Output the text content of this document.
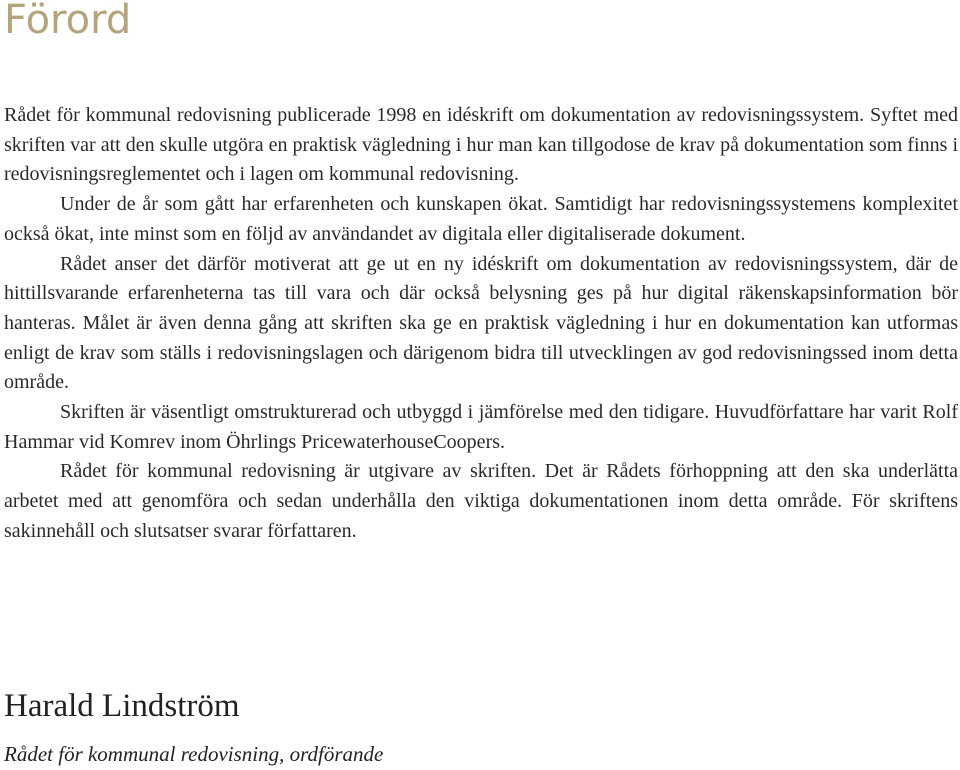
Förord

Rådet för kommunal redovisning publicerade 1998 en idéskrift om dokumentation av redovisningssystem. Syftet med skriften var att den skulle utgöra en praktisk vägledning i hur man kan tillgodose de krav på dokumentation som finns i redovisningsreglementet och i lagen om kommunal redovisning.

Under de år som gått har erfarenheten och kunskapen ökat. Samtidigt har redovisningssystemens komplexitet också ökat, inte minst som en följd av användandet av digitala eller digitaliserade dokument.

Rådet anser det därför motiverat att ge ut en ny idéskrift om dokumentation av redovisningssystem, där de hittillsvarande erfarenheterna tas till vara och där också belysning ges på hur digital räkenskapsinformation bör hanteras. Målet är även denna gång att skriften ska ge en praktisk vägledning i hur en dokumentation kan utformas enligt de krav som ställs i redovisningslagen och därigenom bidra till utvecklingen av god redovisningssed inom detta område.

Skriften är väsentligt omstrukturerad och utbyggd i jämförelse med den tidigare. Huvudförfattare har varit Rolf Hammar vid Komrev inom Öhrlings PricewaterhouseCoopers.

Rådet för kommunal redovisning är utgivare av skriften. Det är Rådets förhoppning att den ska underlätta arbetet med att genomföra och sedan underhålla den viktiga dokumentationen inom detta område. För skriftens sakinnehåll och slutsatser svarar författaren.

Harald Lindström
Rådet för kommunal redovisning, ordförande
